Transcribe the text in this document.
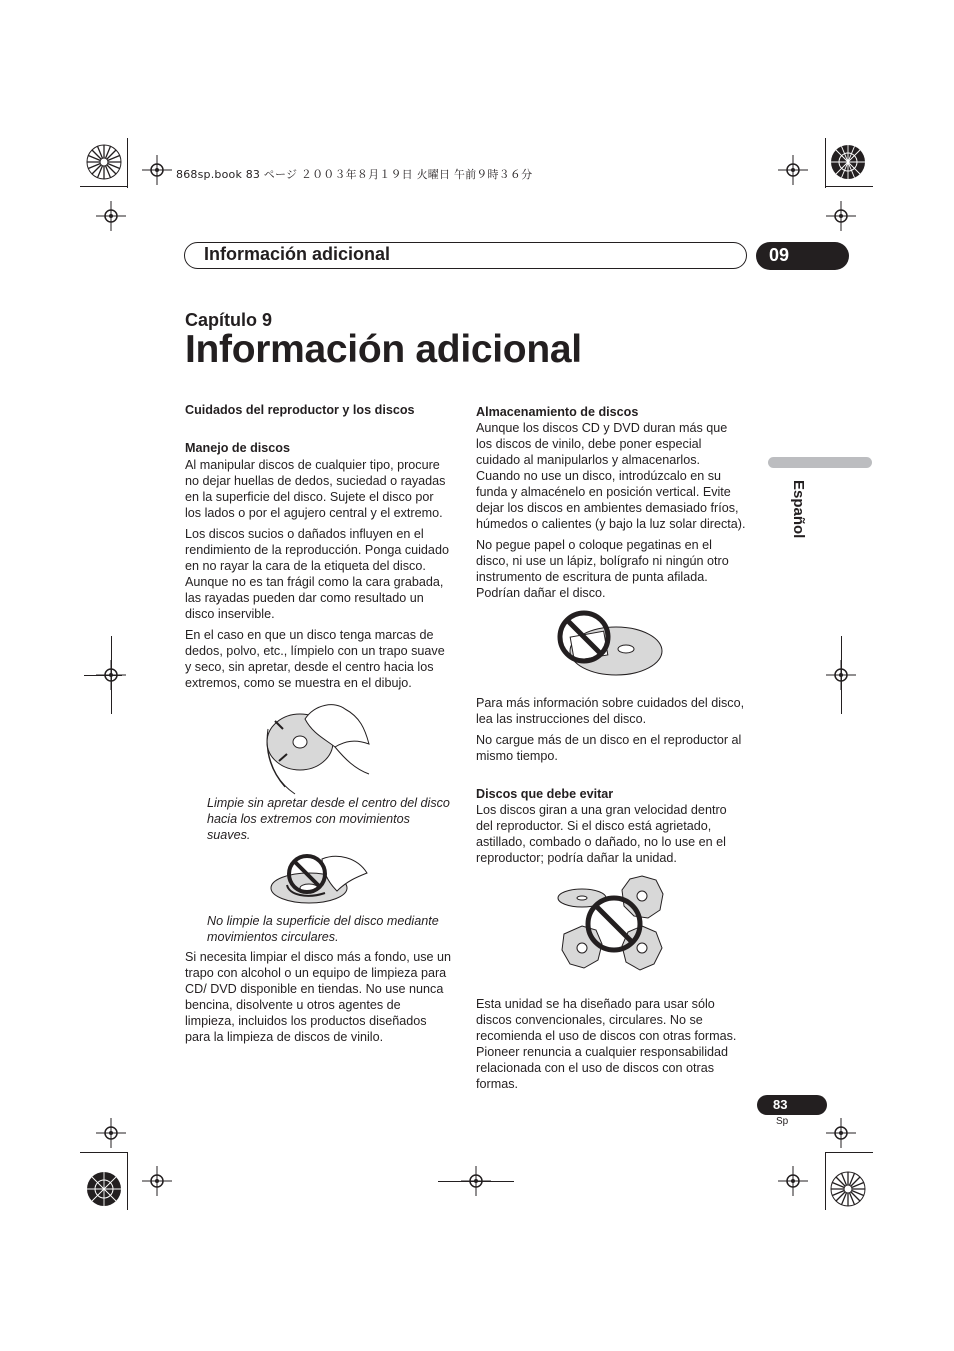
868sp.book 83 ページ ２００３年８月１９日 火曜日 午前９時３６分
Información adicional	09
Capítulo 9
Información adicional
Español

Cuidados del reproductor y los discos

Manejo de discos

Al manipular discos de cualquier tipo, procure no dejar huellas de dedos, suciedad o rayadas en la superficie del disco. Sujete el disco por los lados o por el agujero central y el extremo.

Los discos sucios o dañados influyen en el rendimiento de la reproducción. Ponga cuidado en no rayar la cara de la etiqueta del disco. Aunque no es tan frágil como la cara grabada, las rayadas pueden dar como resultado un disco inservible.

En el caso en que un disco tenga marcas de dedos, polvo, etc., límpielo con un trapo suave y seco, sin apretar, desde el centro hacia los extremos, como se muestra en el dibujo.

Limpie sin apretar desde el centro del disco hacia los extremos con movimientos suaves.

No limpie la superficie del disco mediante movimientos circulares.

Si necesita limpiar el disco más a fondo, use un trapo con alcohol o un equipo de limpieza para CD/ DVD disponible en tiendas. No use nunca bencina, disolvente u otros agentes de limpieza, incluidos los productos diseñados para la limpieza de discos de vinilo.

Almacenamiento de discos

Aunque los discos CD y DVD duran más que los discos de vinilo, debe poner especial cuidado al manipularlos y almacenarlos. Cuando no use un disco, introdúzcalo en su funda y almacénelo en posición vertical. Evite dejar los discos en ambientes demasiado fríos, húmedos o calientes (y bajo la luz solar directa).

No pegue papel o coloque pegatinas en el disco, ni use un lápiz, bolígrafo ni ningún otro instrumento de escritura de punta afilada. Podrían dañar el disco.

Para más información sobre cuidados del disco, lea las instrucciones del disco.

No cargue más de un disco en el reproductor al mismo tiempo.

Discos que debe evitar

Los discos giran a una gran velocidad dentro del reproductor. Si el disco está agrietado, astillado, combado o dañado, no lo use en el reproductor; podría dañar la unidad.

Esta unidad se ha diseñado para usar sólo discos convencionales, circulares. No se recomienda el uso de discos con otras formas. Pioneer renuncia a cualquier responsabilidad relacionada con el uso de discos con otras formas.

83
Sp
